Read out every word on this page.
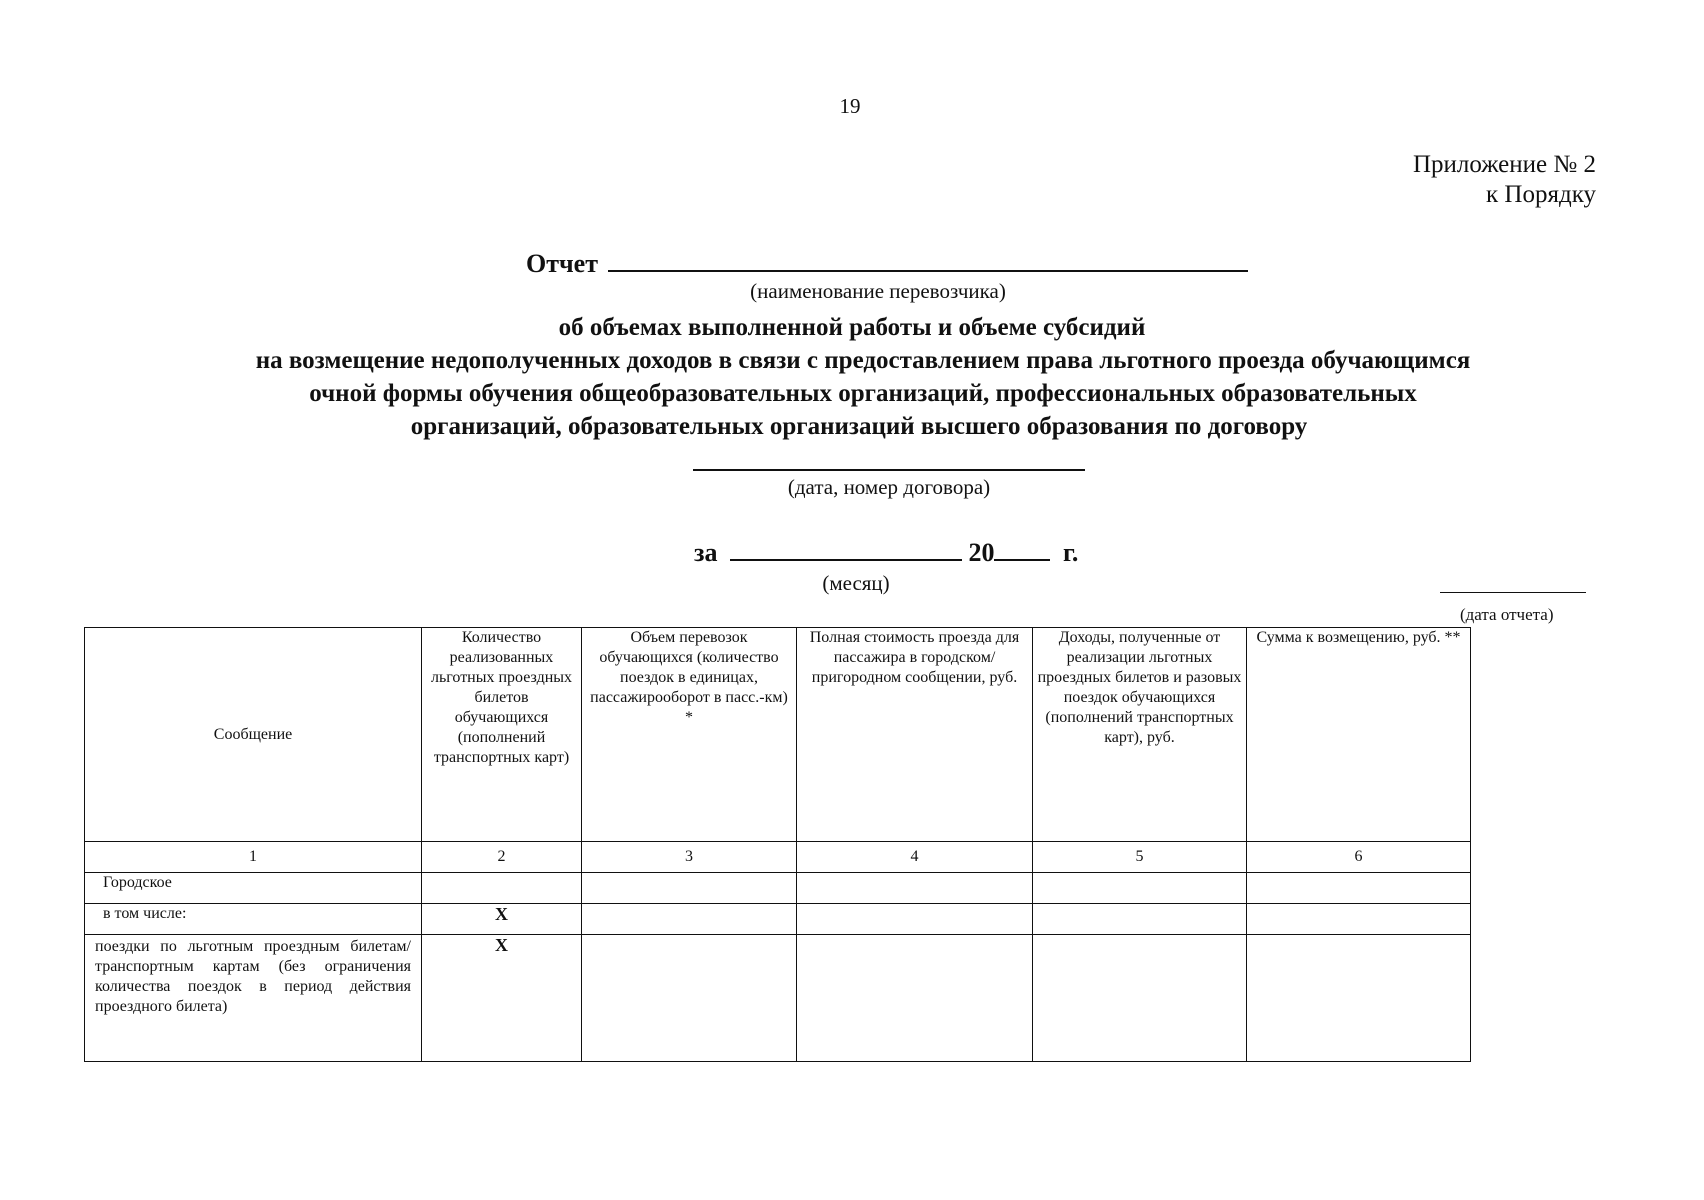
19
Приложение № 2
к Порядку
Отчет
(наименование перевозчика)
об объемах выполненной работы и объеме субсидий
на возмещение недополученных доходов в связи с предоставлением права льготного проезда обучающимся
очной формы обучения общеобразовательных организаций, профессиональных образовательных
организаций, образовательных организаций высшего образования по договору
(дата, номер договора)
за	20	г.
(месяц)
(дата отчета)
Сообщение	Количество реализованных льготных проездных билетов обучающихся (пополнений транспортных карт)	Объем перевозок обучающихся (количество поездок в единицах, пассажирооборот в пасс.-км) *	Полная стоимость проезда для пассажира в городском/пригородном сообщении, руб.	Доходы, полученные от реализации льготных проездных билетов и разовых поездок обучающихся (пополнений транспортных карт), руб.	Сумма к возмещению, руб. **
1	2	3	4	5	6
Городское					
в том числе:	X				
поездки по льготным проездным билетам/транспортным картам (без ограничения количества поездок в период действия проездного билета)	X				
